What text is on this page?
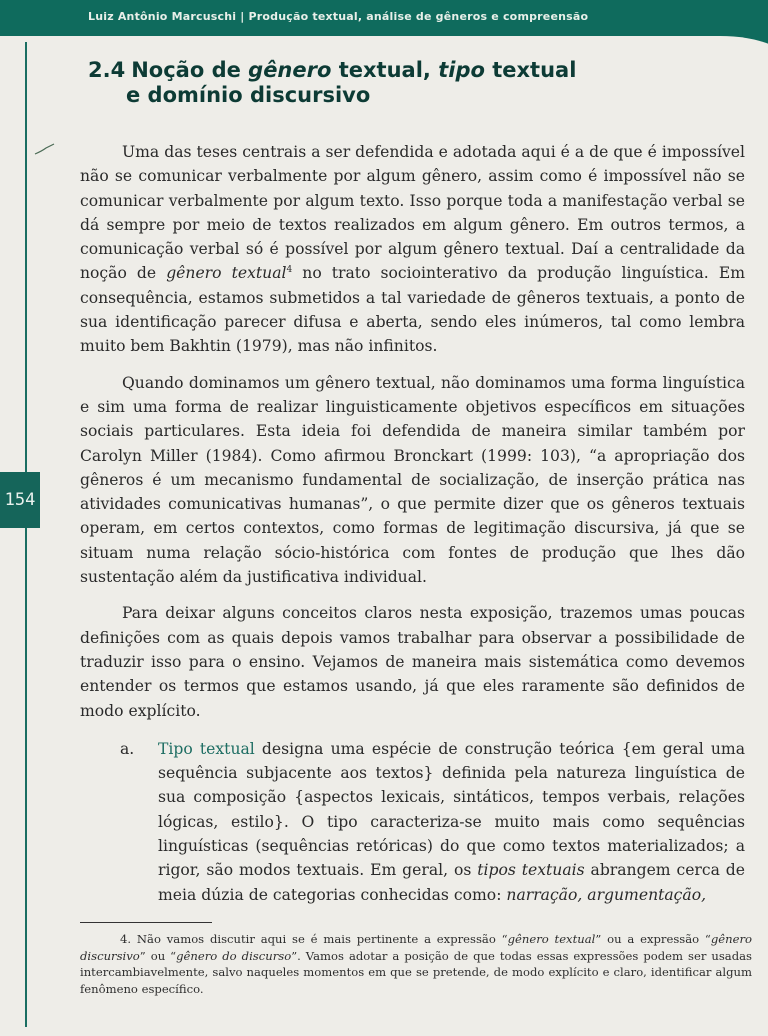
Luiz Antônio Marcuschi | Produção textual, análise de gêneros e compreensão
154
2.4 Noção de gênero textual, tipo textual
e domínio discursivo

Uma das teses centrais a ser defendida e adotada aqui é a de que é impossível não se comunicar verbalmente por algum gênero, assim como é impossível não se comunicar verbalmente por algum texto. Isso porque toda a manifestação verbal se dá sempre por meio de textos realizados em algum gênero. Em outros termos, a comunicação verbal só é possível por algum gênero textual. Daí a centralidade da noção de gênero textual$^4$ no trato sociointerativo da produção linguística. Em consequência, estamos submetidos a tal variedade de gêneros textuais, a ponto de sua identificação parecer difusa e aberta, sendo eles inúmeros, tal como lembra muito bem Bakhtin (1979), mas não infinitos.

Quando dominamos um gênero textual, não dominamos uma forma linguística e sim uma forma de realizar linguisticamente objetivos específicos em situações sociais particulares. Esta ideia foi defendida de maneira similar também por Carolyn Miller (1984). Como afirmou Bronckart (1999: 103), “a apropriação dos gêneros é um mecanismo fundamental de socialização, de inserção prática nas atividades comunicativas humanas”, o que permite dizer que os gêneros textuais operam, em certos contextos, como formas de legitimação discursiva, já que se situam numa relação sócio-histórica com fontes de produção que lhes dão sustentação além da justificativa individual.

Para deixar alguns conceitos claros nesta exposição, trazemos umas poucas definições com as quais depois vamos trabalhar para observar a possibilidade de traduzir isso para o ensino. Vejamos de maneira mais sistemática como devemos entender os termos que estamos usando, já que eles raramente são definidos de modo explícito.

a. Tipo textual designa uma espécie de construção teórica {em geral uma sequência subjacente aos textos} definida pela natureza linguística de sua composição {aspectos lexicais, sintáticos, tempos verbais, relações lógicas, estilo}. O tipo caracteriza-se muito mais como sequências linguísticas (sequências retóricas) do que como textos materializados; a rigor, são modos textuais. Em geral, os tipos textuais abrangem cerca de meia dúzia de categorias conhecidas como: narração, argumentação,

4. Não vamos discutir aqui se é mais pertinente a expressão “gênero textual” ou a expressão “gênero discursivo” ou “gênero do discurso”. Vamos adotar a posição de que todas essas expressões podem ser usadas intercambiavelmente, salvo naqueles momentos em que se pretende, de modo explícito e claro, identificar algum fenômeno específico.
